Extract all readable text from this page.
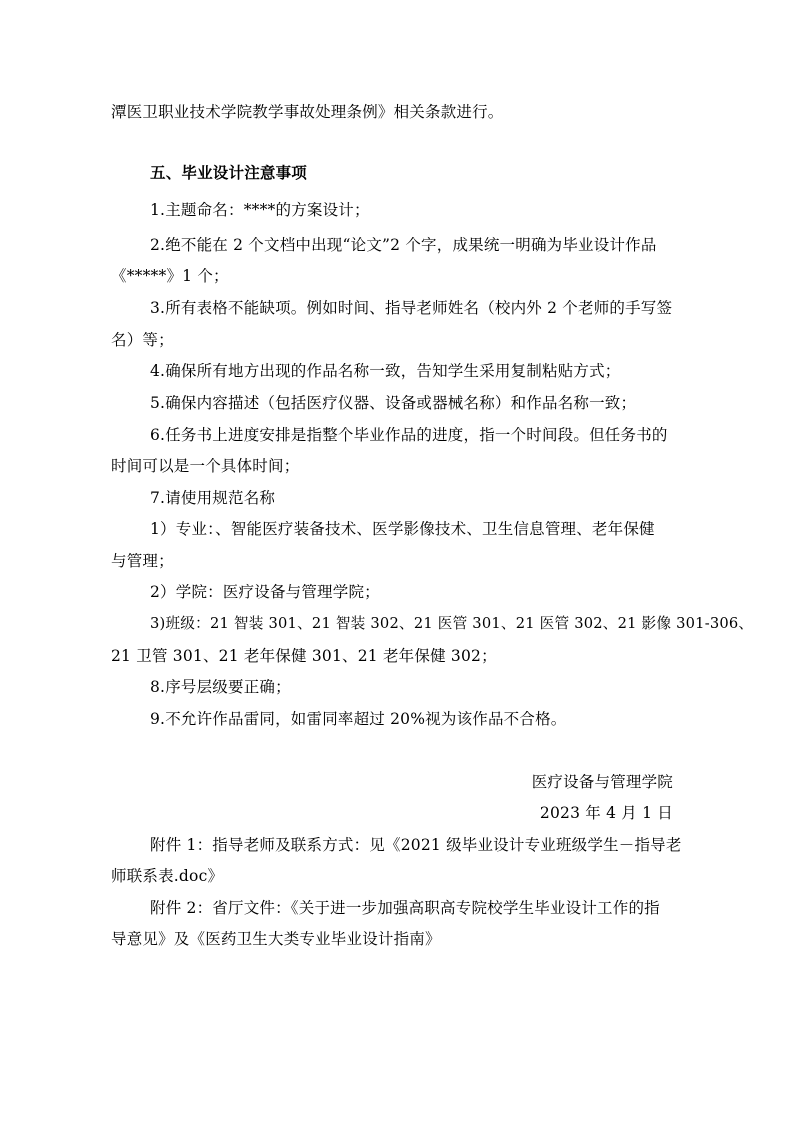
潭医卫职业技术学院教学事故处理条例》相关条款进行。
五、毕业设计注意事项
1.主题命名：****的方案设计；
2.绝不能在 2 个文档中出现“论文”2 个字，成果统一明确为毕业设计作品
《*****》1 个；
3.所有表格不能缺项。例如时间、指导老师姓名（校内外 2 个老师的手写签
名）等；
4.确保所有地方出现的作品名称一致，告知学生采用复制粘贴方式；
5.确保内容描述（包括医疗仪器、设备或器械名称）和作品名称一致；
6.任务书上进度安排是指整个毕业作品的进度，指一个时间段。但任务书的
时间可以是一个具体时间；
7.请使用规范名称
1）专业：、智能医疗装备技术、医学影像技术、卫生信息管理、老年保健
与管理；
2）学院：医疗设备与管理学院；
3)班级：21 智装 301、21 智装 302、21 医管 301、21 医管 302、21 影像 301-306、
21 卫管 301、21 老年保健 301、21 老年保健 302；
8.序号层级要正确；
9.不允许作品雷同，如雷同率超过 20%视为该作品不合格。
医疗设备与管理学院
2023 年 4 月 1 日
附件 1：指导老师及联系方式：见《2021 级毕业设计专业班级学生－指导老
师联系表.doc》
附件 2：省厅文件：《关于进一步加强高职高专院校学生毕业设计工作的指
导意见》及《医药卫生大类专业毕业设计指南》
